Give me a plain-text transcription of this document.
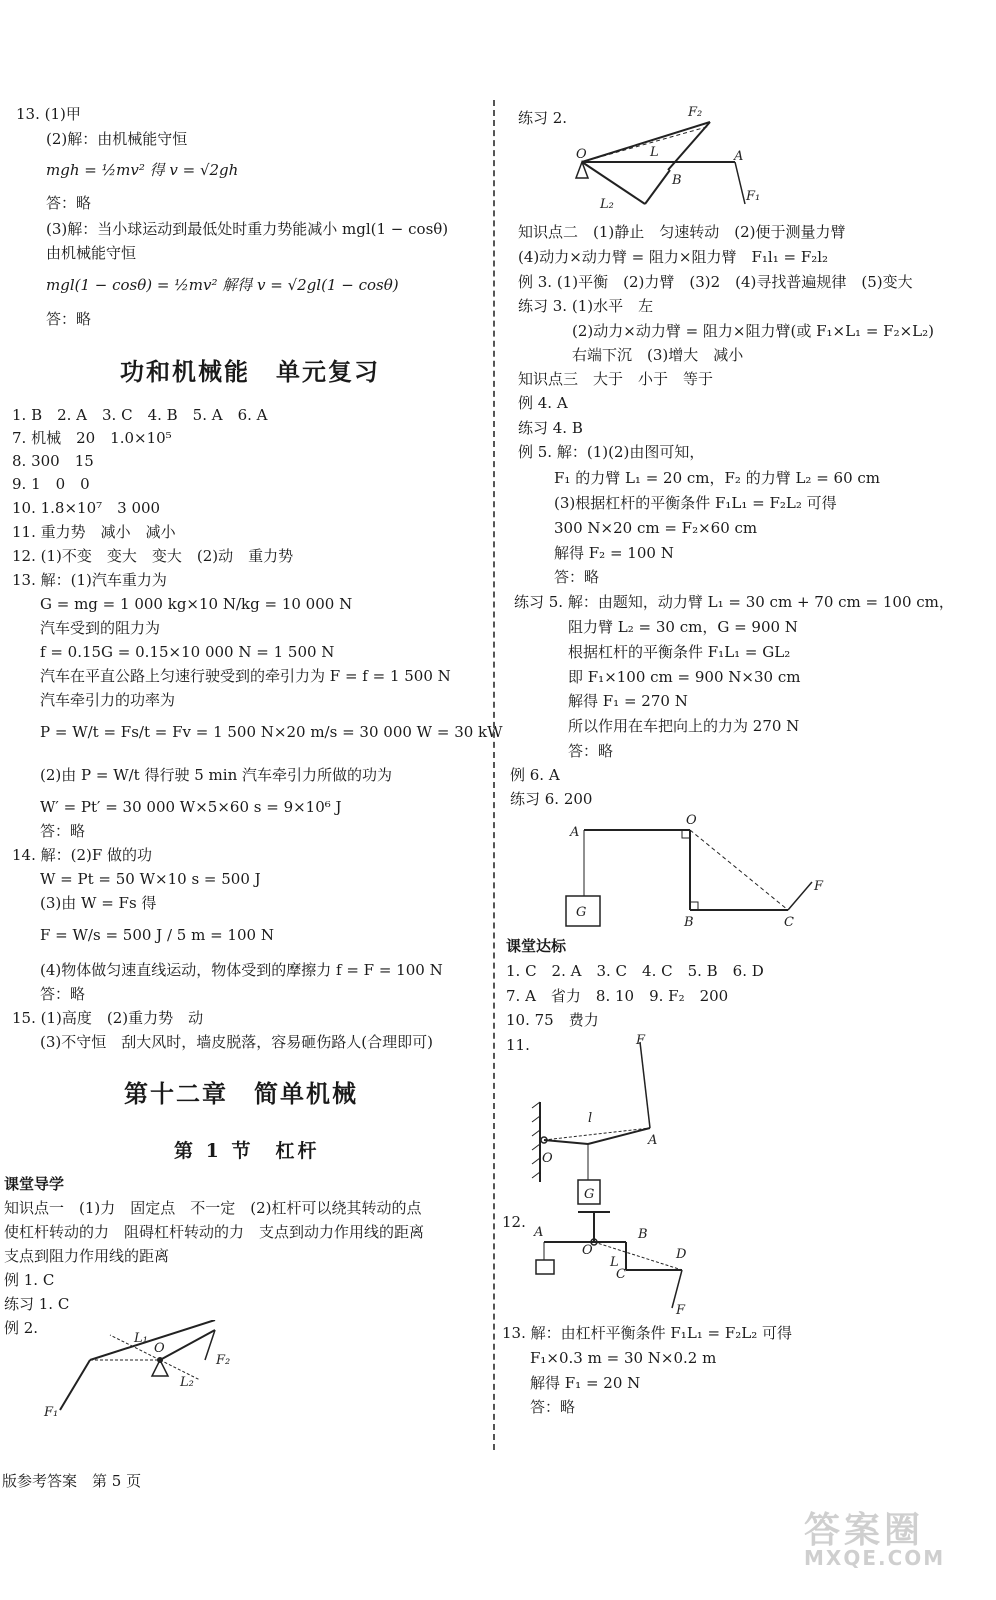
13. (1)甲
(2)解：由机械能守恒
mgh = ½mv² 得 v = √2gh
答：略
(3)解：当小球运动到最低处时重力势能减小 mgl(1 − cosθ)
由机械能守恒
mgl(1 − cosθ) = ½mv² 解得 v = √2gl(1 − cosθ)
答：略
功和机械能　单元复习
1. B　2. A　3. C　4. B　5. A　6. A
7. 机械　20　1.0×10⁵
8. 300　15
9. 1　0　0
10. 1.8×10⁷　3 000
11. 重力势　减小　减小
12. (1)不变　变大　变大　(2)动　重力势
13. 解：(1)汽车重力为
G = mg = 1 000 kg×10 N/kg = 10 000 N
汽车受到的阻力为
f = 0.15G = 0.15×10 000 N = 1 500 N
汽车在平直公路上匀速行驶受到的牵引力为 F = f = 1 500 N
汽车牵引力的功率为
P = W/t = Fs/t = Fv = 1 500 N×20 m/s = 30 000 W = 30 kW
(2)由 P = W/t 得行驶 5 min 汽车牵引力所做的功为
W′ = Pt′ = 30 000 W×5×60 s = 9×10⁶ J
答：略
14. 解：(2)F 做的功
W = Pt = 50 W×10 s = 500 J
(3)由 W = Fs 得
F = W/s = 500 J / 5 m = 100 N
(4)物体做匀速直线运动，物体受到的摩擦力 f = F = 100 N
答：略
15. (1)高度　(2)重力势　动
(3)不守恒　刮大风时，墙皮脱落，容易砸伤路人(合理即可)
第十二章　简单机械
第 1 节　杠杆
课堂导学
知识点一　(1)力　固定点　不一定　(2)杠杆可以绕其转动的点
使杠杆转动的力　阻碍杠杆转动的力　支点到动力作用线的距离
支点到阻力作用线的距离
例 1. C
练习 1. C
例 2.
F₁
L₁
O
L₂
F₂
练习 2.	F₂
O	L	A
B
L₂
F₁
知识点二　(1)静止　匀速转动　(2)便于测量力臂
(4)动力×动力臂 = 阻力×阻力臂　F₁l₁ = F₂l₂
例 3. (1)平衡　(2)力臂　(3)2　(4)寻找普遍规律　(5)变大
练习 3. (1)水平　左
(2)动力×动力臂 = 阻力×阻力臂(或 F₁×L₁ = F₂×L₂)
右端下沉　(3)增大　减小
知识点三　大于　小于　等于
例 4. A
练习 4. B
例 5. 解：(1)(2)由图可知，
F₁ 的力臂 L₁ = 20 cm，F₂ 的力臂 L₂ = 60 cm
(3)根据杠杆的平衡条件 F₁L₁ = F₂L₂ 可得
300 N×20 cm = F₂×60 cm
解得 F₂ = 100 N
答：略
练习 5. 解：由题知，动力臂 L₁ = 30 cm + 70 cm = 100 cm，
阻力臂 L₂ = 30 cm，G = 900 N
根据杠杆的平衡条件 F₁L₁ = GL₂
即 F₁×100 cm = 900 N×30 cm
解得 F₁ = 270 N
所以作用在车把向上的力为 270 N
答：略
例 6. A
练习 6. 200
A
O
G
B	C
F
课堂达标
1. C　2. A　3. C　4. C　5. B　6. D
7. A　省力　8. 10　9. F₂　200
10. 75　费力
11.	F
l
A
O
G
12.
A
O
B
L
C
D
F
13. 解：由杠杆平衡条件 F₁L₁ = F₂L₂ 可得
F₁×0.3 m = 30 N×0.2 m
解得 F₁ = 20 N
答：略
版参考答案　第 5 页
答案圈
MXQE.COM
